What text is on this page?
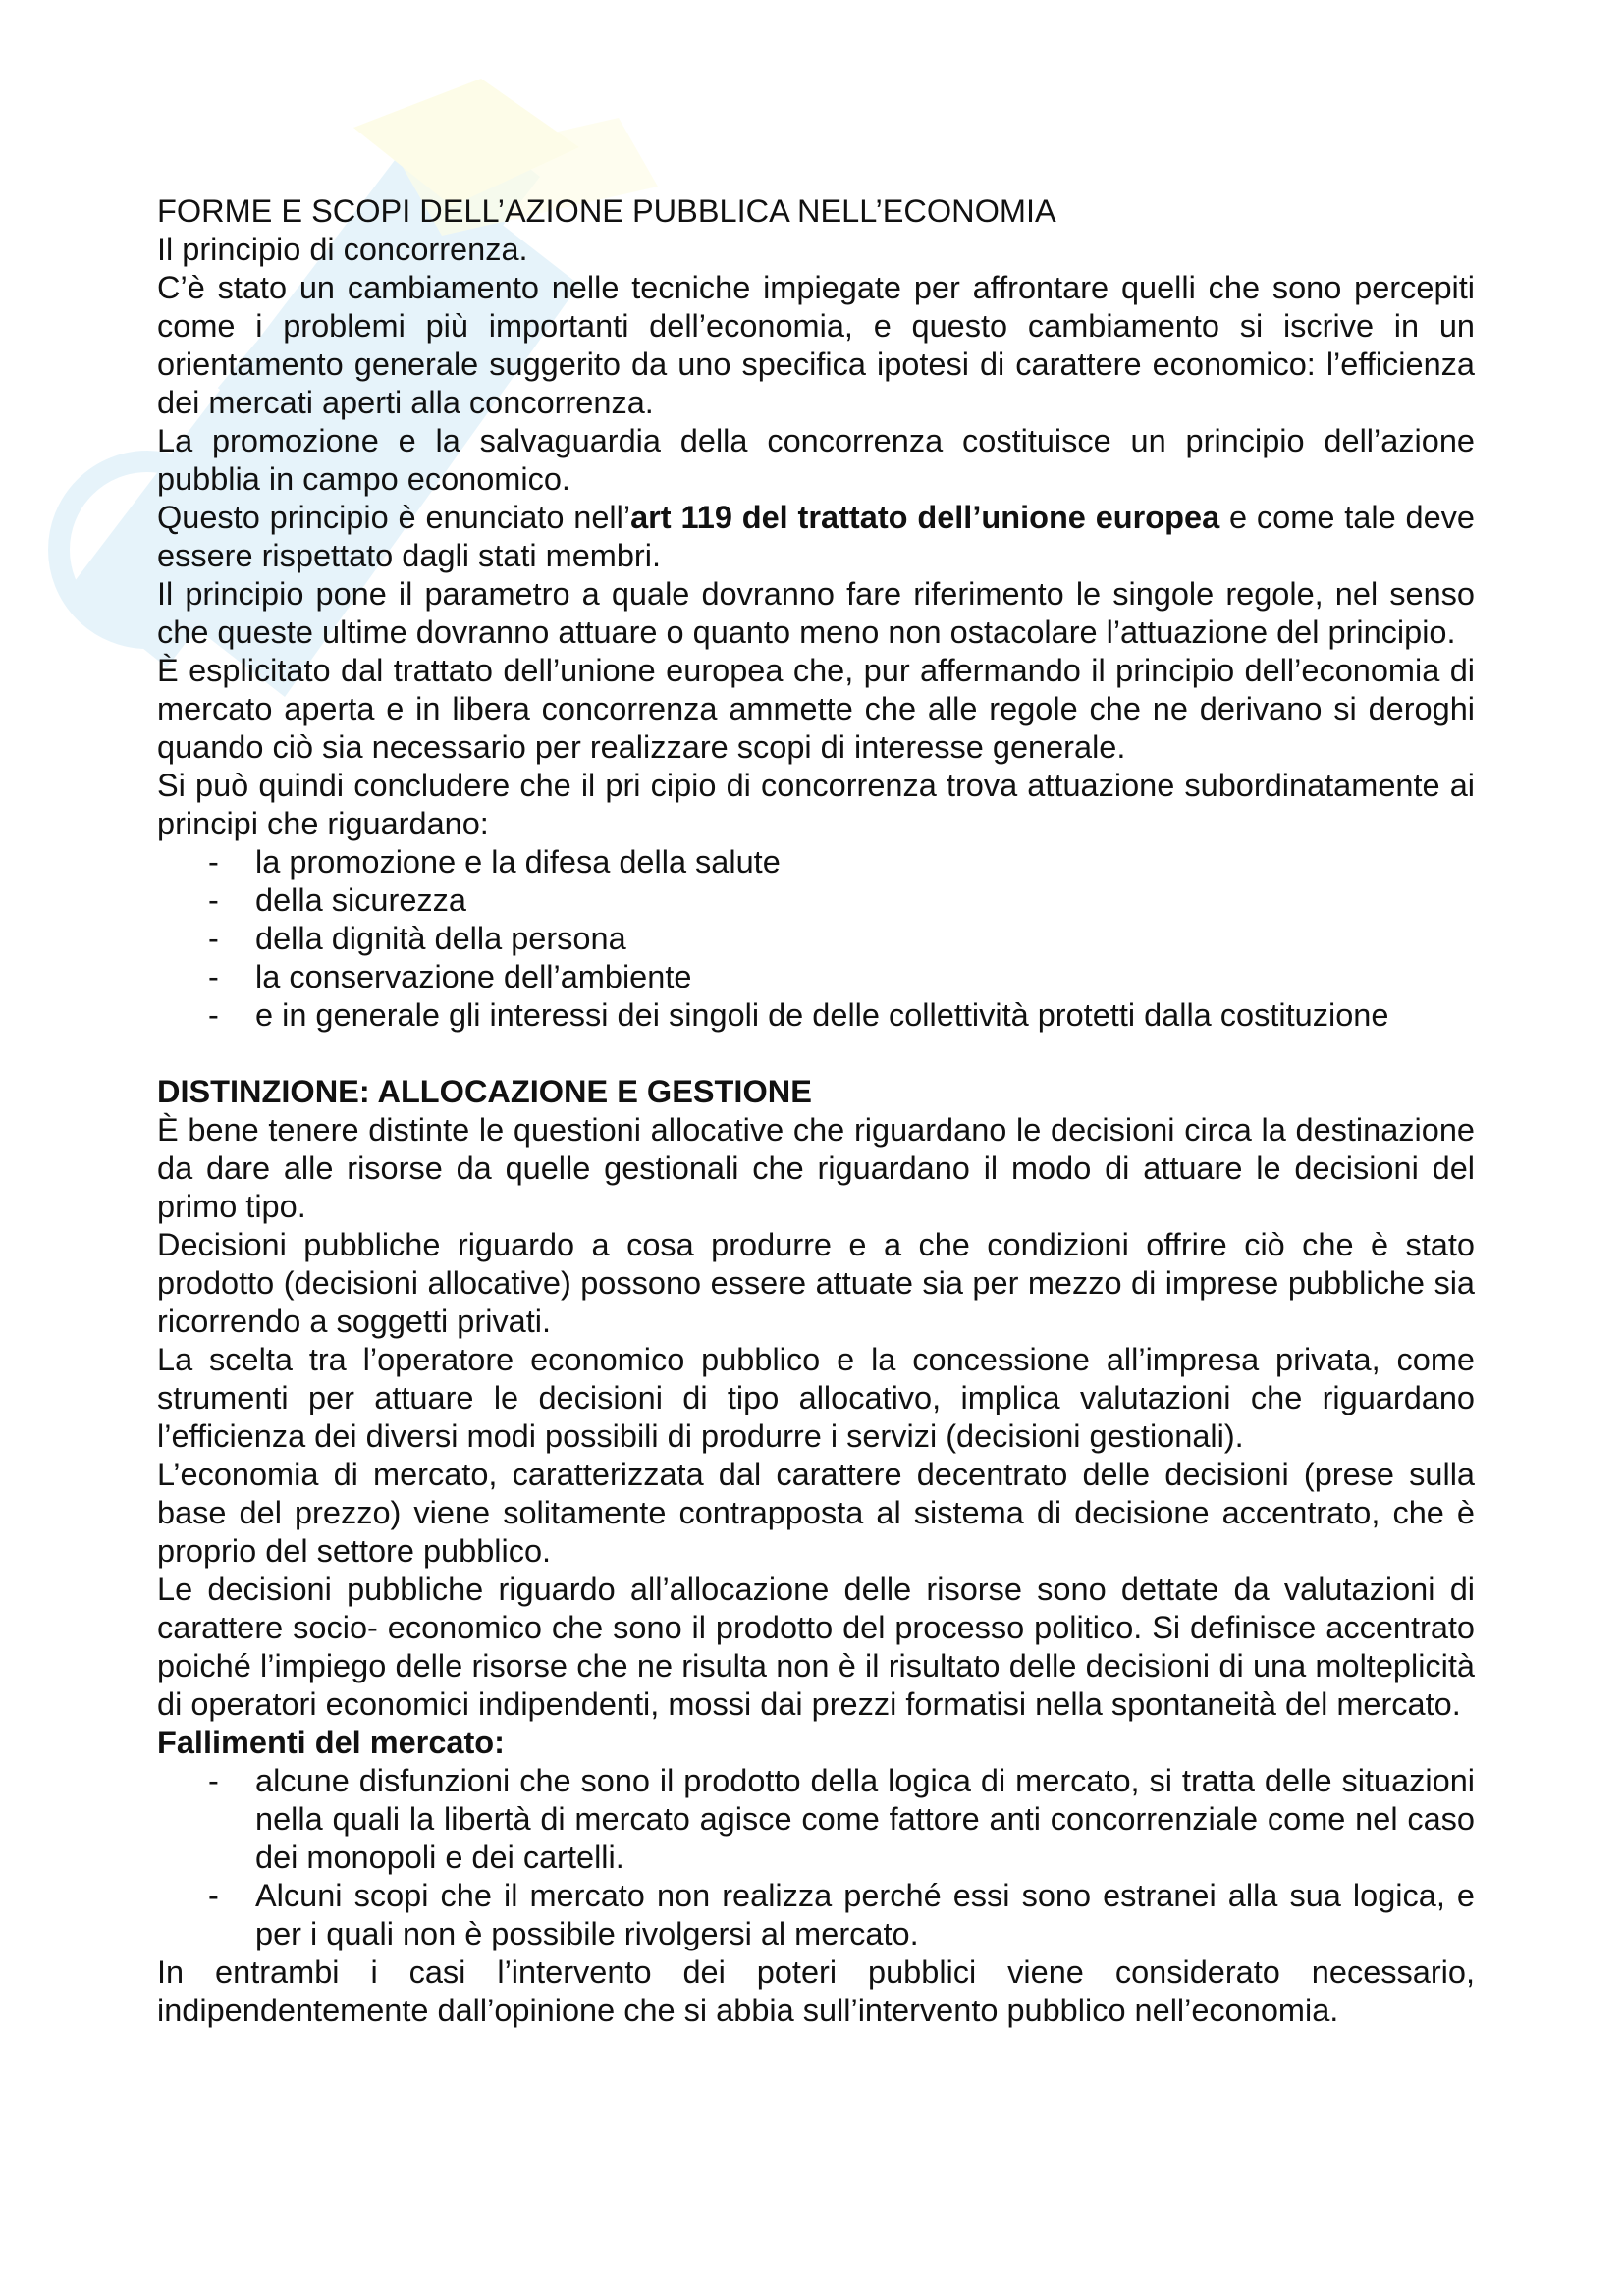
FORME E SCOPI DELL’AZIONE PUBBLICA NELL’ECONOMIA

Il principio di concorrenza.

C’è stato un cambiamento nelle tecniche impiegate per affrontare quelli che sono percepiti come i problemi più importanti dell’economia, e questo cambiamento si iscrive in un orientamento generale suggerito da uno specifica ipotesi di carattere economico: l’efficienza dei mercati aperti alla concorrenza.

La promozione e la salvaguardia della concorrenza costituisce un principio dell’azione pubblia in campo economico.

Questo principio è enunciato nell’art 119 del trattato dell’unione europea e come tale deve essere rispettato dagli stati membri.

Il principio pone il parametro a quale dovranno fare riferimento le singole regole, nel senso che queste ultime dovranno attuare o quanto meno non ostacolare l’attuazione del principio.

È esplicitato dal trattato dell’unione europea che, pur affermando il principio dell’economia di mercato aperta e in libera concorrenza ammette che alle regole che ne derivano si deroghi quando ciò sia necessario per realizzare scopi di interesse generale.

Si può quindi concludere che il pri cipio di concorrenza trova attuazione subordinatamente ai principi che riguardano:

- la promozione e la difesa della salute
- della sicurezza
- della dignità della persona
- la conservazione dell’ambiente
- e in generale gli interessi dei singoli de delle collettività protetti dalla costituzione

DISTINZIONE: ALLOCAZIONE E GESTIONE

È bene tenere distinte le questioni allocative che riguardano le decisioni circa la destinazione da dare alle risorse da quelle gestionali che riguardano il modo di attuare le decisioni del primo tipo.

Decisioni pubbliche riguardo a cosa produrre e a che condizioni offrire ciò che è stato prodotto (decisioni allocative) possono essere attuate sia per mezzo di imprese pubbliche sia ricorrendo a soggetti privati.

La scelta tra l’operatore economico pubblico e la concessione all’impresa privata, come strumenti per attuare le decisioni di tipo allocativo, implica valutazioni che riguardano l’efficienza dei diversi modi possibili di produrre i servizi (decisioni gestionali).

L’economia di mercato, caratterizzata dal carattere decentrato delle decisioni (prese sulla base del prezzo) viene solitamente contrapposta al sistema di decisione accentrato, che è proprio del settore pubblico.

Le decisioni pubbliche riguardo all’allocazione delle risorse sono dettate da valutazioni di carattere socio- economico che sono il prodotto del processo politico. Si definisce accentrato poiché l’impiego delle risorse che ne risulta non è il risultato delle decisioni di una molteplicità di operatori economici indipendenti, mossi dai prezzi formatisi nella spontaneità del mercato.

Fallimenti del mercato:

- alcune disfunzioni che sono il prodotto della logica di mercato, si tratta delle situazioni nella quali la libertà di mercato agisce come fattore anti concorrenziale come nel caso dei monopoli e dei cartelli.
- Alcuni scopi che il mercato non realizza perché essi sono estranei alla sua logica, e per i quali non è possibile rivolgersi al mercato.

In entrambi i casi l’intervento dei poteri pubblici viene considerato necessario, indipendentemente dall’opinione che si abbia sull’intervento pubblico nell’economia.
